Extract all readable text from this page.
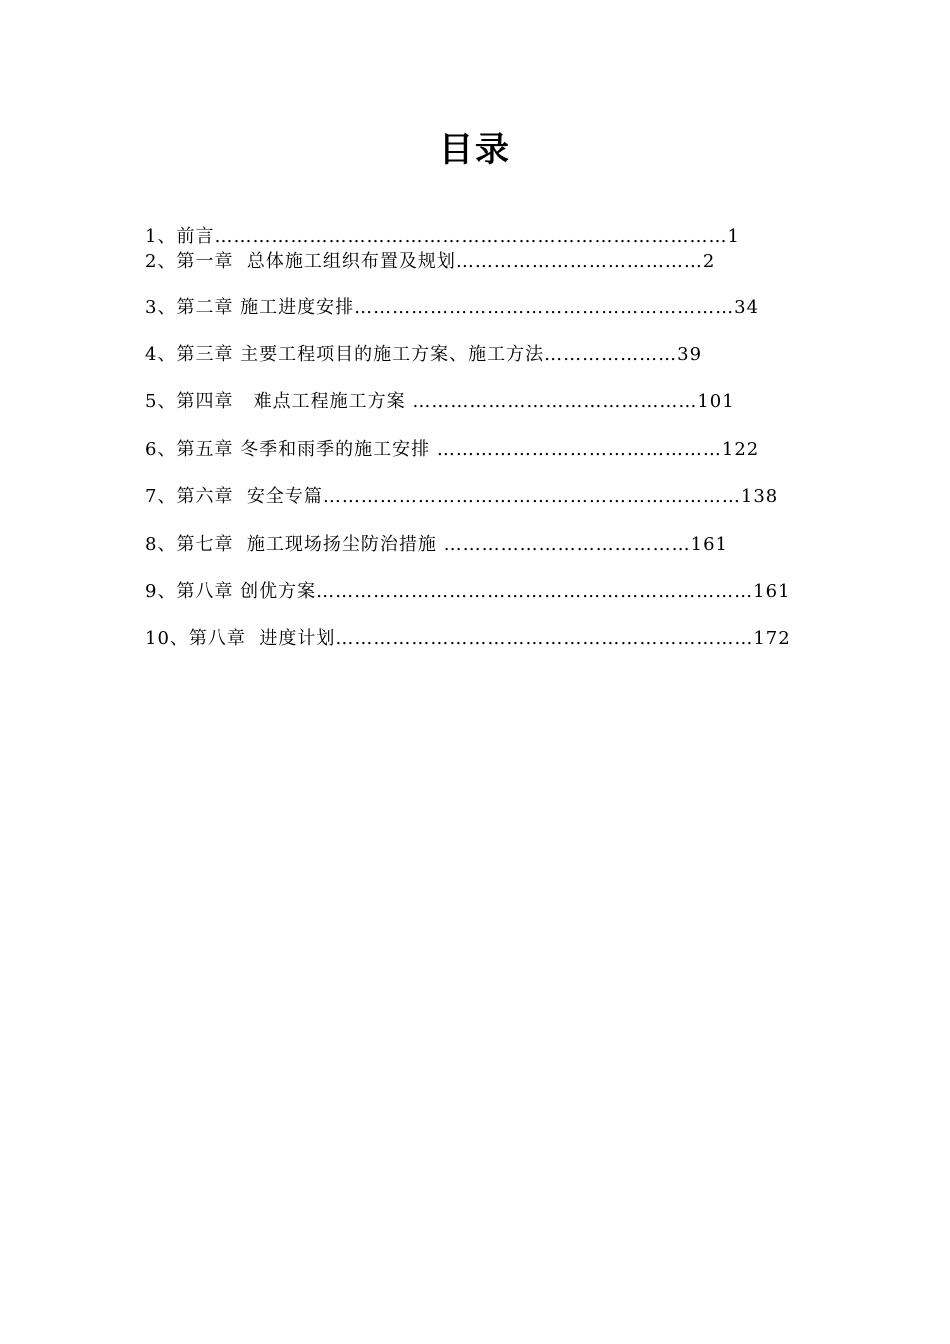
目录
1、前言………………………………………………………………………1
2、第一章  总体施工组织布置及规划…………………………………2
3、第二章 施工进度安排……………………………………………………34
4、第三章 主要工程项目的施工方案、施工方法…………………39
5、第四章   难点工程施工方案 ………………………………………101
6、第五章 冬季和雨季的施工安排 ………………………………………122
7、第六章  安全专篇…………………………………………………………138
8、第七章  施工现场扬尘防治措施 …………………………………161
9、第八章 创优方案……………………………………………………………161
10、第八章  进度计划…………………………………………………………172
